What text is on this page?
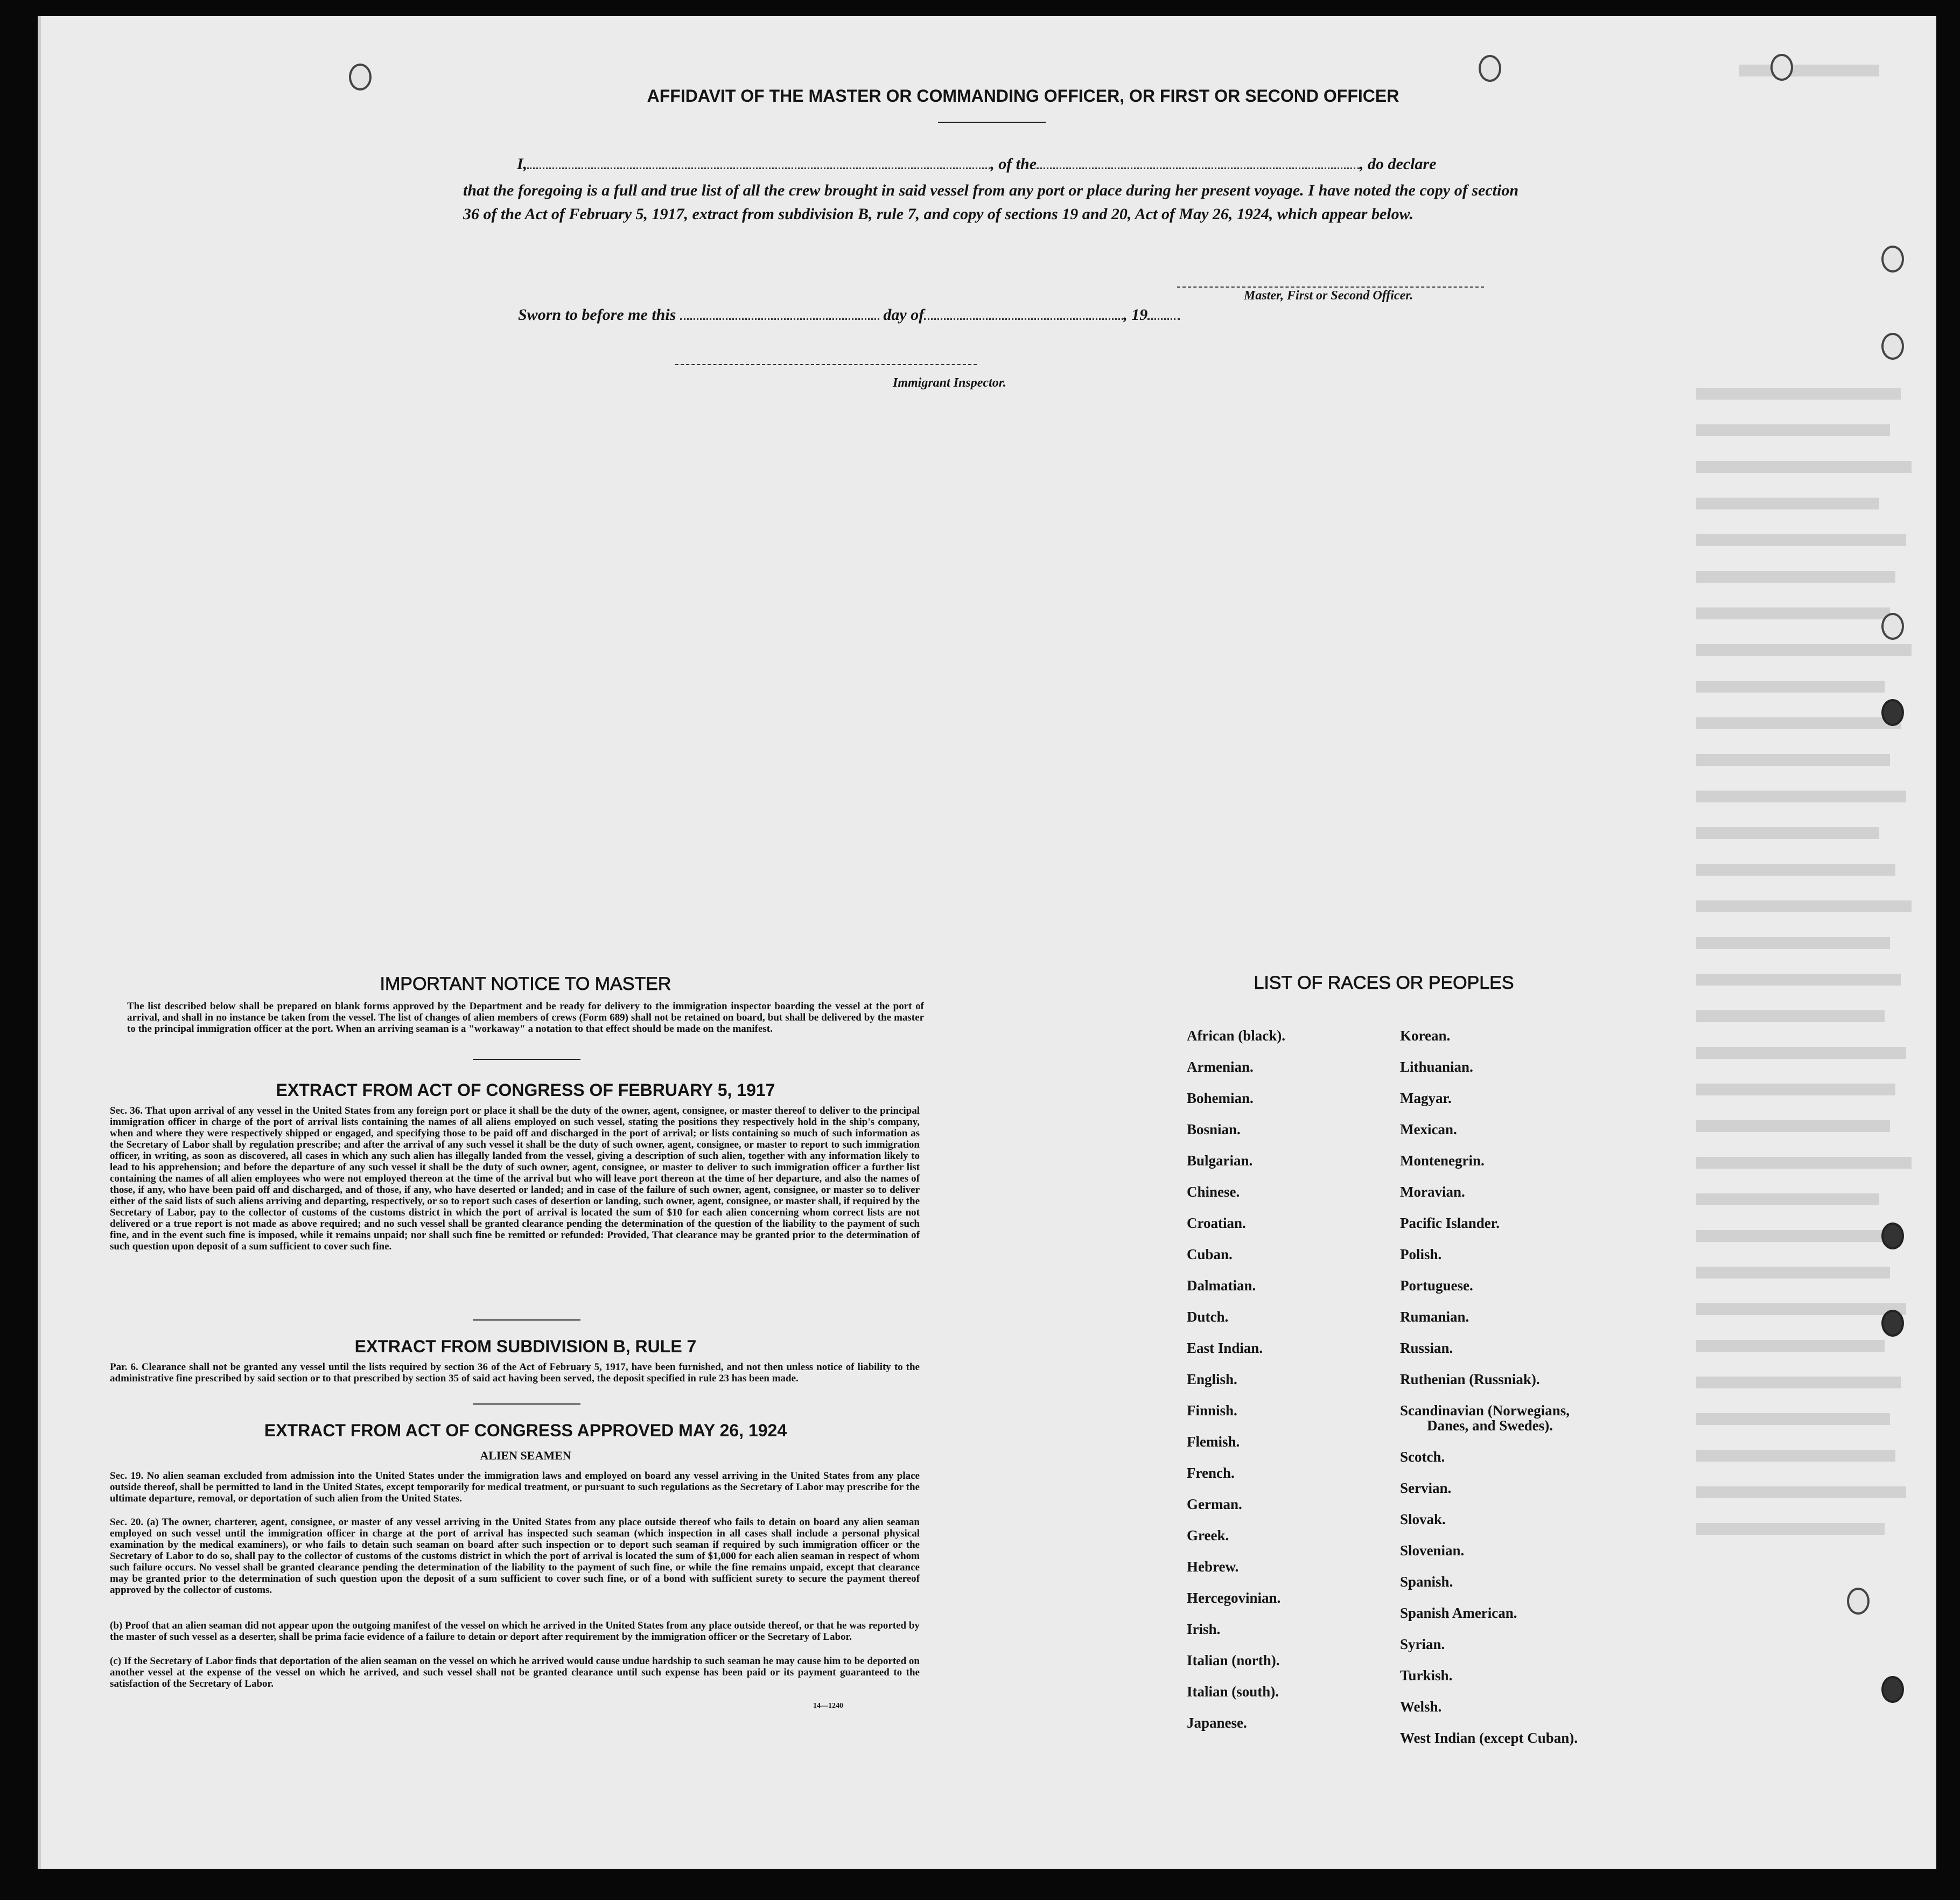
AFFIDAVIT OF THE MASTER OR COMMANDING OFFICER, OR FIRST OR SECOND OFFICER
I,	, of the	, do declare
that the foregoing is a full and true list of all the crew brought in said vessel from any port or place during her present voyage. I have noted the copy of section 36 of the Act of February 5, 1917, extract from subdivision B, rule 7, and copy of sections 19 and 20, Act of May 26, 1924, which appear below.
Master, First or Second Officer.
Sworn to before me this	day of	, 19
Immigrant Inspector.
IMPORTANT NOTICE TO MASTER
The list described below shall be prepared on blank forms approved by the Department and be ready for delivery to the immigration inspector boarding the vessel at the port of arrival, and shall in no instance be taken from the vessel. The list of changes of alien members of crews (Form 689) shall not be retained on board, but shall be delivered by the master to the principal immigration officer at the port. When an arriving seaman is a "workaway" a notation to that effect should be made on the manifest.
EXTRACT FROM ACT OF CONGRESS OF FEBRUARY 5, 1917
Sec. 36. That upon arrival of any vessel in the United States from any foreign port or place it shall be the duty of the owner, agent, consignee, or master thereof to deliver to the principal immigration officer in charge of the port of arrival lists containing the names of all aliens employed on such vessel, stating the positions they respectively hold in the ship's company, when and where they were respectively shipped or engaged, and specifying those to be paid off and discharged in the port of arrival; or lists containing so much of such information as the Secretary of Labor shall by regulation prescribe; and after the arrival of any such vessel it shall be the duty of such owner, agent, consignee, or master to report to such immigration officer, in writing, as soon as discovered, all cases in which any such alien has illegally landed from the vessel, giving a description of such alien, together with any information likely to lead to his apprehension; and before the departure of any such vessel it shall be the duty of such owner, agent, consignee, or master to deliver to such immigration officer a further list containing the names of all alien employees who were not employed thereon at the time of the arrival but who will leave port thereon at the time of her departure, and also the names of those, if any, who have been paid off and discharged, and of those, if any, who have deserted or landed; and in case of the failure of such owner, agent, consignee, or master so to deliver either of the said lists of such aliens arriving and departing, respectively, or so to report such cases of desertion or landing, such owner, agent, consignee, or master shall, if required by the Secretary of Labor, pay to the collector of customs of the customs district in which the port of arrival is located the sum of $10 for each alien concerning whom correct lists are not delivered or a true report is not made as above required; and no such vessel shall be granted clearance pending the determination of the question of the liability to the payment of such fine, and in the event such fine is imposed, while it remains unpaid; nor shall such fine be remitted or refunded: Provided, That clearance may be granted prior to the determination of such question upon deposit of a sum sufficient to cover such fine.
EXTRACT FROM SUBDIVISION B, RULE 7
Par. 6. Clearance shall not be granted any vessel until the lists required by section 36 of the Act of February 5, 1917, have been furnished, and not then unless notice of liability to the administrative fine prescribed by said section or to that prescribed by section 35 of said act having been served, the deposit specified in rule 23 has been made.
EXTRACT FROM ACT OF CONGRESS APPROVED MAY 26, 1924
ALIEN SEAMEN
Sec. 19. No alien seaman excluded from admission into the United States under the immigration laws and employed on board any vessel arriving in the United States from any place outside thereof, shall be permitted to land in the United States, except temporarily for medical treatment, or pursuant to such regulations as the Secretary of Labor may prescribe for the ultimate departure, removal, or deportation of such alien from the United States.
Sec. 20. (a) The owner, charterer, agent, consignee, or master of any vessel arriving in the United States from any place outside thereof who fails to detain on board any alien seaman employed on such vessel until the immigration officer in charge at the port of arrival has inspected such seaman (which inspection in all cases shall include a personal physical examination by the medical examiners), or who fails to detain such seaman on board after such inspection or to deport such seaman if required by such immigration officer or the Secretary of Labor to do so, shall pay to the collector of customs of the customs district in which the port of arrival is located the sum of $1,000 for each alien seaman in respect of whom such failure occurs. No vessel shall be granted clearance pending the determination of the liability to the payment of such fine, or while the fine remains unpaid, except that clearance may be granted prior to the determination of such question upon the deposit of a sum sufficient to cover such fine, or of a bond with sufficient surety to secure the payment thereof approved by the collector of customs.
(b) Proof that an alien seaman did not appear upon the outgoing manifest of the vessel on which he arrived in the United States from any place outside thereof, or that he was reported by the master of such vessel as a deserter, shall be prima facie evidence of a failure to detain or deport after requirement by the immigration officer or the Secretary of Labor.
(c) If the Secretary of Labor finds that deportation of the alien seaman on the vessel on which he arrived would cause undue hardship to such seaman he may cause him to be deported on another vessel at the expense of the vessel on which he arrived, and such vessel shall not be granted clearance until such expense has been paid or its payment guaranteed to the satisfaction of the Secretary of Labor.
14—1240
LIST OF RACES OR PEOPLES
African (black).
Armenian.
Bohemian.
Bosnian.
Bulgarian.
Chinese.
Croatian.
Cuban.
Dalmatian.
Dutch.
East Indian.
English.
Finnish.
Flemish.
French.
German.
Greek.
Hebrew.
Hercegovinian.
Irish.
Italian (north).
Italian (south).
Japanese.
Korean.
Lithuanian.
Magyar.
Mexican.
Montenegrin.
Moravian.
Pacific Islander.
Polish.
Portuguese.
Rumanian.
Russian.
Ruthenian (Russniak).
Scandinavian (Norwegians,
Danes, and Swedes).
Scotch.
Servian.
Slovak.
Slovenian.
Spanish.
Spanish American.
Syrian.
Turkish.
Welsh.
West Indian (except Cuban).
